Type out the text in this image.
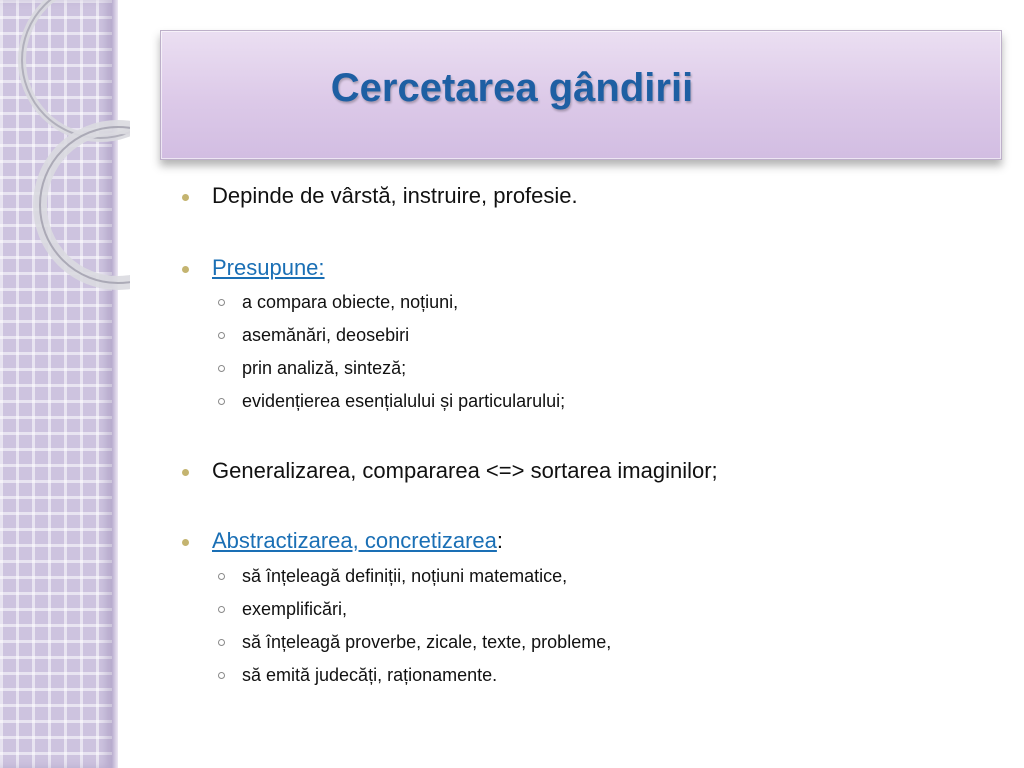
Cercetarea gândirii
Depinde de vârstă, instruire, profesie.
Presupune:
a compara obiecte, noțiuni,
asemănări, deosebiri
prin analiză, sinteză;
evidențierea esențialului și particularului;
Generalizarea, compararea <=> sortarea imaginilor;
Abstractizarea, concretizarea:
să înțeleagă definiții, noțiuni matematice,
exemplificări,
să înțeleagă proverbe, zicale, texte, probleme,
să emită judecăți, raționamente.
